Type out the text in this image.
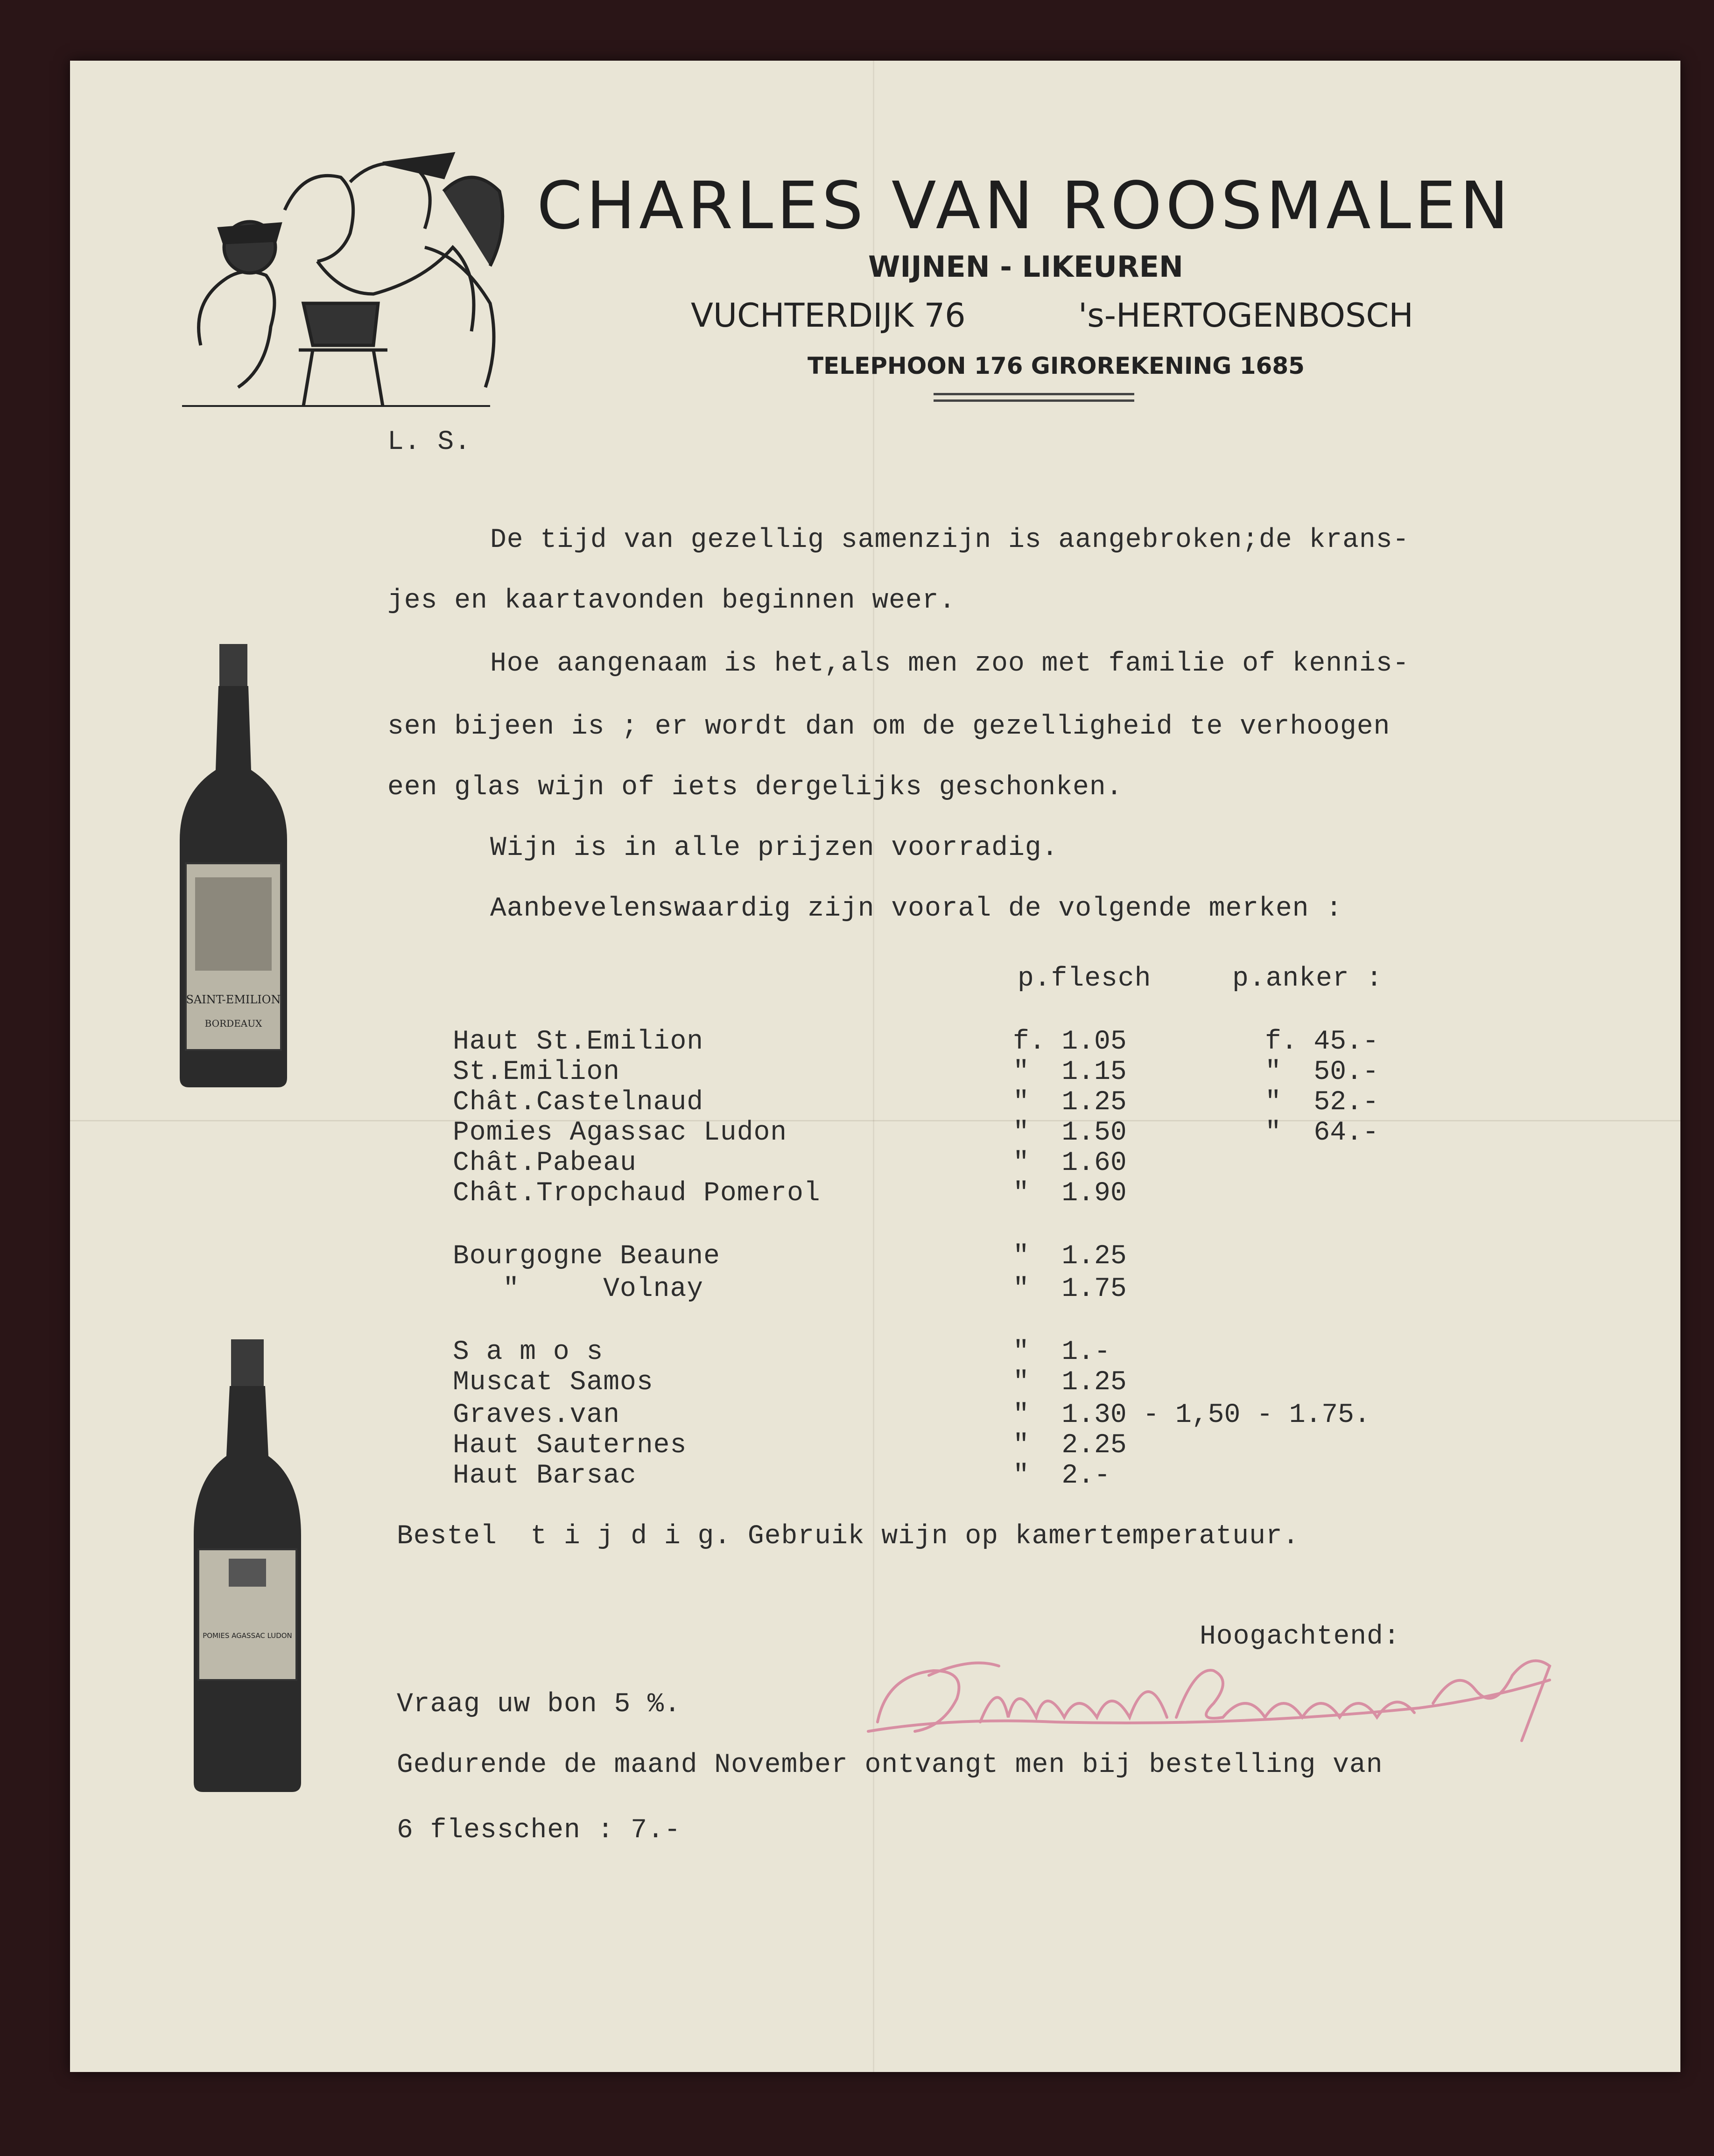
CHARLES VAN ROOSMALEN
WIJNEN - LIKEUREN
VUCHTERDIJK 76	's-HERTOGENBOSCH
TELEPHOON 176 GIROREKENING 1685
SAINT-EMILION
BORDEAUX
POMIES AGASSAC LUDON
L. S.
De tijd van gezellig samenzijn is aangebroken;de krans-
jes en kaartavonden beginnen weer.
Hoe aangenaam is het,als men zoo met familie of kennis-
sen bijeen is ; er wordt dan om de gezelligheid te verhoogen
een glas wijn of iets dergelijks geschonken.
Wijn is in alle prijzen voorradig.
Aanbevelenswaardig zijn vooral de volgende merken :
p.flesch	p.anker :
Haut St.Emilion	f. 1.05	f. 45.-
St.Emilion	"  1.15	"  50.-
Chât.Castelnaud	"  1.25	"  52.-
Pomies Agassac Ludon	"  1.50	"  64.-
Chât.Pabeau	"  1.60
Chât.Tropchaud Pomerol	"  1.90
Bourgogne Beaune	"  1.25
"     Volnay	"  1.75
S a m o s	"  1.-
Muscat Samos	"  1.25
Graves.van	"  1.30 - 1,50 - 1.75.
Haut Sauternes	"  2.25
Haut Barsac	"  2.-
Bestel  t i j d i g. Gebruik wijn op kamertemperatuur.
Hoogachtend:
Vraag uw bon 5 %.
Gedurende de maand November ontvangt men bij bestelling van
6 flesschen : 7.-
